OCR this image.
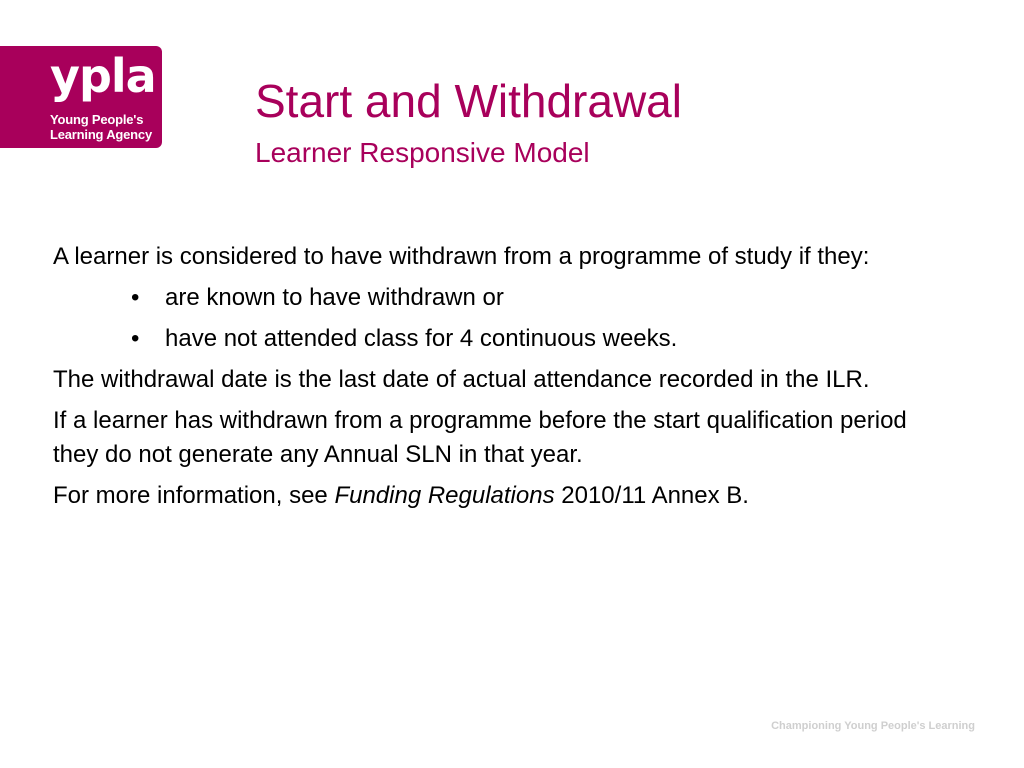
ypla
Young People's
Learning Agency
Start and Withdrawal
Learner Responsive Model

A learner is considered to have withdrawn from a programme of study if they:

• are known to have withdrawn or
• have not attended class for 4 continuous weeks.

The withdrawal date is the last date of actual attendance recorded in the ILR.

If a learner has withdrawn from a programme before the start qualification period they do not generate any Annual SLN in that year.

For more information, see Funding Regulations 2010/11 Annex B.

Championing Young People's Learning
